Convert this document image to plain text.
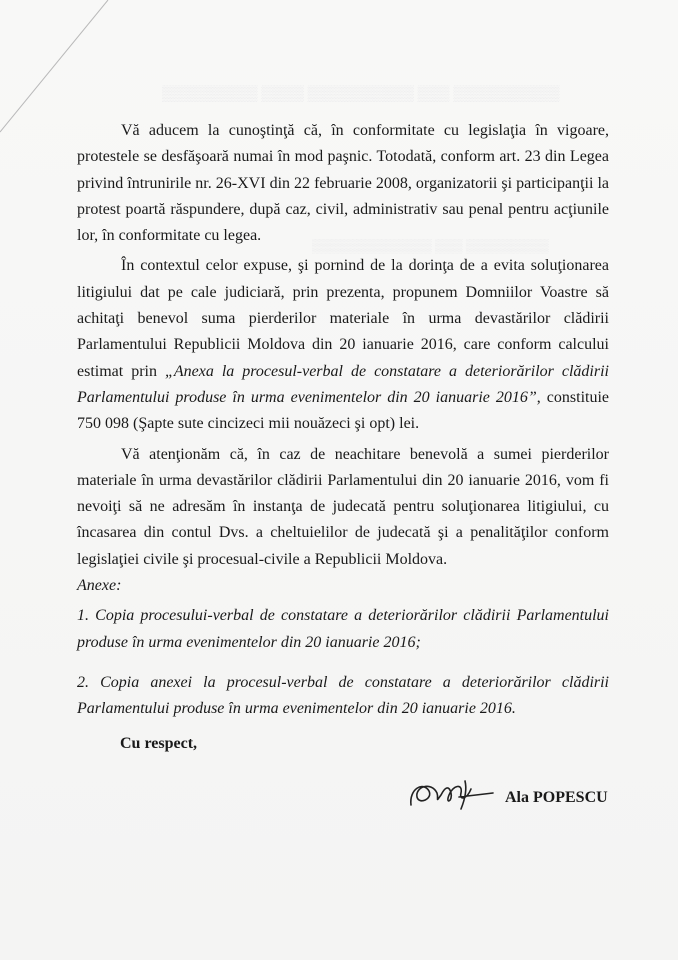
▒▒▒▒▒▒▒▒▒ ▒▒▒▒ ▒▒▒▒▒▒▒▒▒▒ ▒▒▒ ▒▒▒▒▒▒▒▒▒▒
▒▒▒▒▒▒▒▒▒▒▒▒▒ ▒▒▒ ▒▒▒▒▒▒▒▒▒

Vă aducem la cunoştinţă că, în conformitate cu legislaţia în vigoare, protestele se desfăşoară numai în mod paşnic. Totodată, conform art. 23 din Legea privind întrunirile nr. 26-XVI din 22 februarie 2008, organizatorii şi participanţii la protest poartă răspundere, după caz, civil, administrativ sau penal pentru acţiunile lor, în conformitate cu legea.

În contextul celor expuse, şi pornind de la dorinţa de a evita soluţionarea litigiului dat pe cale judiciară, prin prezenta, propunem Domniilor Voastre să achitaţi benevol suma pierderilor materiale în urma devastărilor clădirii Parlamentului Republicii Moldova din 20 ianuarie 2016, care conform calcului estimat prin „Anexa la procesul-verbal de constatare a deteriorărilor clădirii Parlamentului produse în urma evenimentelor din 20 ianuarie 2016”, constituie 750 098 (Şapte sute cincizeci mii nouăzeci şi opt) lei.

Vă atenţionăm că, în caz de neachitare benevolă a sumei pierderilor materiale în urma devastărilor clădirii Parlamentului din 20 ianuarie 2016, vom fi nevoiţi să ne adresăm în instanţa de judecată pentru soluţionarea litigiului, cu încasarea din contul Dvs. a cheltuielilor de judecată şi a penalităţilor conform legislaţiei civile şi procesual-civile a Republicii Moldova.

Anexe:

1. Copia procesului-verbal de constatare a deteriorărilor clădirii Parlamentului produse în urma evenimentelor din 20 ianuarie 2016;

2. Copia anexei la procesul-verbal de constatare a deteriorărilor clădirii Parlamentului produse în urma evenimentelor din 20 ianuarie 2016.

Cu respect,
Ala POPESCU
